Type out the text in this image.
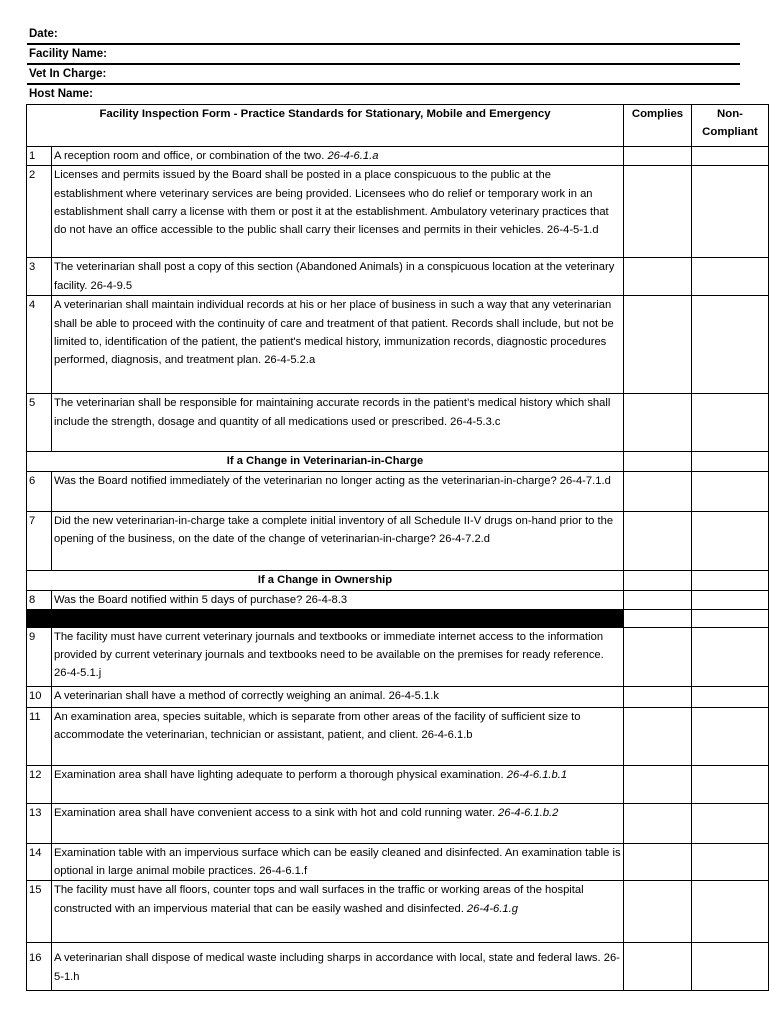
Date:
Facility Name:
Vet In Charge:
Host Name:
Facility Inspection Form - Practice Standards for Stationary, Mobile and Emergency		Complies	Non-
Compliant
1	A reception room and office, or combination of the two. 26-4-6.1.a		
2	Licenses and permits issued by the Board shall be posted in a place conspicuous to the public at the establishment where veterinary services are being provided. Licensees who do relief or temporary work in an establishment shall carry a license with them or post it at the establishment. Ambulatory veterinary practices that do not have an office accessible to the public shall carry their licenses and permits in their vehicles. 26-4-5-1.d		
3	The veterinarian shall post a copy of this section (Abandoned Animals) in a conspicuous location at the veterinary facility. 26-4-9.5		
4	A veterinarian shall maintain individual records at his or her place of business in such a way that any veterinarian shall be able to proceed with the continuity of care and treatment of that patient. Records shall include, but not be limited to, identification of the patient, the patient's medical history, immunization records, diagnostic procedures performed, diagnosis, and treatment plan. 26-4-5.2.a		
5	The veterinarian shall be responsible for maintaining accurate records in the patient’s medical history which shall include the strength, dosage and quantity of all medications used or prescribed. 26-4-5.3.c		
If a Change in Veterinarian-in-Charge			
6	Was the Board notified immediately of the veterinarian no longer acting as the veterinarian-in-charge? 26-4-7.1.d		
7	Did the new veterinarian-in-charge take a complete initial inventory of all Schedule II-V drugs on-hand prior to the opening of the business, on the date of the change of veterinarian-in-charge? 26-4-7.2.d		
If a Change in Ownership			
8	Was the Board notified within 5 days of purchase? 26-4-8.3		

9	The facility must have current veterinary journals and textbooks or immediate internet access to the information provided by current veterinary journals and textbooks need to be available on the premises for ready reference. 26-4-5.1.j		
10	A veterinarian shall have a method of correctly weighing an animal. 26-4-5.1.k		
11	An examination area, species suitable, which is separate from other areas of the facility of sufficient size to accommodate the veterinarian, technician or assistant, patient, and client. 26-4-6.1.b		
12	Examination area shall have lighting adequate to perform a thorough physical examination. 26-4-6.1.b.1		
13	Examination area shall have convenient access to a sink with hot and cold running water. 26-4-6.1.b.2		
14	Examination table with an impervious surface which can be easily cleaned and disinfected. An examination table is optional in large animal mobile practices. 26-4-6.1.f		
15	The facility must have all floors, counter tops and wall surfaces in the traffic or working areas of the hospital constructed with an impervious material that can be easily washed and disinfected. 26-4-6.1.g		
16	A veterinarian shall dispose of medical waste including sharps in accordance with local, state and federal laws. 26-5-1.h		
